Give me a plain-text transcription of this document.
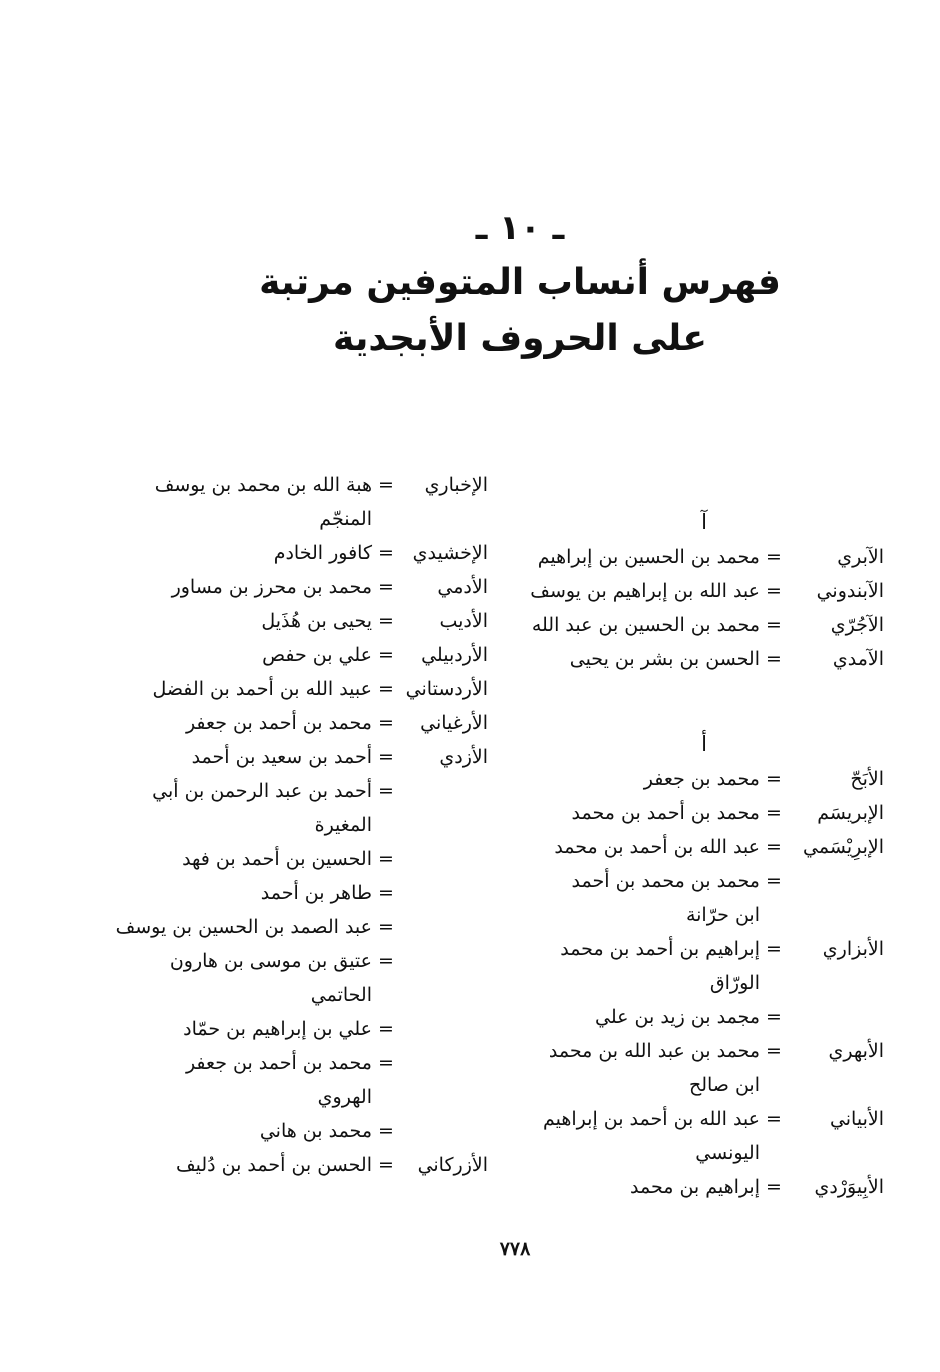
ـ ١٠ ـ
فهرس أنساب المتوفين مرتبة
على الحروف الأبجدية
آ
الآبري
=
محمد بن الحسين بن إبراهيم
الآبندوني
=
عبد الله بن إبراهيم بن يوسف
الآجُرّي
=
محمد بن الحسين بن عبد الله
الآمدي
=
الحسن بن بشر بن يحيى
أ
الأبَحّ
=
محمد بن جعفر
الإبريسَم
=
محمد بن أحمد بن محمد
الإبرِيْسَمي
=
عبد الله بن أحمد بن محمد
=
محمد بن محمد بن أحمد
ابن حرّانة
الأبزاري
=
إبراهيم بن أحمد بن محمد
الورّاق
=
مجمد بن زيد بن علي
الأبهري
=
محمد بن عبد الله بن محمد
ابن صالح
الأبياني
=
عبد الله بن أحمد بن إبراهيم
اليونسي
الأبِيوَرْدي
=
إبراهيم بن محمد
الإخباري
=
هبة الله بن محمد بن يوسف
المنجّم
الإخشيدي
=
كافور الخادم
الأدمي
=
محمد بن محرز بن مساور
الأديب
=
يحيى بن هُذَيل
الأردبيلي
=
علي بن حفص
الأردستاني
=
عبيد الله بن أحمد بن الفضل
الأرغياني
=
محمد بن أحمد بن جعفر
الأزدي
=
أحمد بن سعيد بن أحمد
=
أحمد بن عبد الرحمن بن أبي
المغيرة
=
الحسين بن أحمد بن فهد
=
طاهر بن أحمد
=
عبد الصمد بن الحسين بن يوسف
=
عتيق بن موسى بن هارون
الحاتمي
=
علي بن إبراهيم بن حمّاد
=
محمد بن أحمد بن جعفر
الهروي
=
محمد بن هاني
الأزركاني
=
الحسن بن أحمد بن دُليف
٧٧٨
